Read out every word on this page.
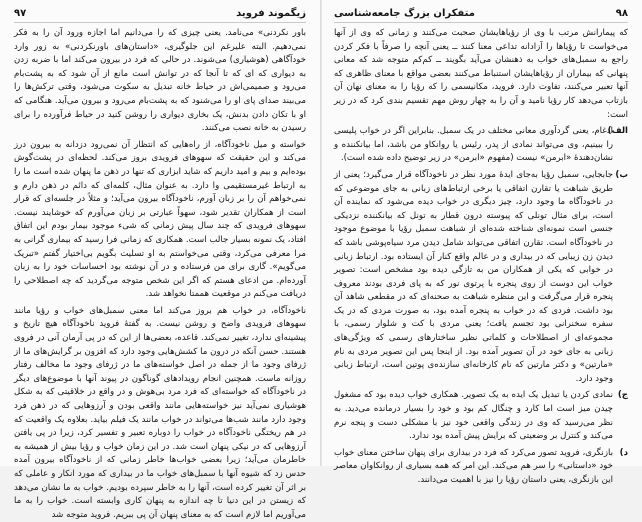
۹۸
متفکران بزرگ جامعه‌شناسی

که پیمارانش مرتب با وی از رؤیاهایشان صحبت می‌کنند و زمانی که وی از آنها می‌خواست تا رؤیاها را آزادانه تداعی معنا کنند ــ یعنی آنچه را صرفاً با فکر کردن راجع به سمبل‌های خواب به ذهنشان می‌آید بگویند ــ کم‌کم متوجه شد که معانی پنهانی که بیماران از رؤیاهایشان استنباط می‌کنند بعضی مواقع با معنای ظاهری که آنها تعبیر می‌کنند، تفاوت دارد. فروید، مکانیسمی را که رؤیا را به معنای نهان آن بازتاب می‌دهد کار رؤیا نامید و آن را به چهار روش مهم تقسیم بندی کرد که در زیر است:

الف)

ادغام، یعنی گردآوری معانی مختلف در یک سمبل. بنابراین اگر در خواب پلیسی را ببینیم، وی می‌تواند نمادی از پدر، رئیس یا روانکاو من باشد، اما بیانکننده و نشان‌دهندهٔ «ابرمن» نیست (مفهوم «ابرمن» در زیر توضیح داده شده است).

ب)

جابجایی، سمبل رؤیا به‌جای ایدهٔ مورد نظر در ناخودآگاه قرار می‌گیرد؛ یعنی از طریق شباهت یا تقارن اتفاقی یا برخی ارتباط‌های زبانی به جای موضوعی که در ناخودآگاه ما وجود دارد، چیز دیگری در خواب دیده می‌شود که نماینده آن است، برای مثال تونلی که پیوسته درون قطار به تونل که بیانکننده نزدیکی جنسی است نمونه‌ای شناخته شده‌ای از شباهت سمبل رؤیا با موضوع موجود در ناخودآگاه است. تقارن اتفاقی می‌تواند شامل دیدن مرد سیاه‌پوشی باشد که دیدن زن زیبایی که در بیداری و در عالم واقع کنار آن ایستاده بود. ارتباط زبانی در خوابی که یکی از همکاران من به تازگی دیده بود مشخص است: تصویر خواب این دوست از روی پنجره با پرتوی نور که به پای فردی بودند معروف پنجره قرار می‌گرفت و این منظره شباهت به صحنه‌ای که در مقطعی شاهد آن بود داشت. فردی که در خواب به پنجره آمده بود، به صورت مردی که در یک سفره سخنرانی بود تجسم یافت؛ یعنی مردی با کت و شلوار رسمی، با مجموعه‌ای از اصطلاحات و کلماتی نظیر ساختارهای رسمی که ویژگی‌های زبانی به جای خود در آن تصویر آمده بود. از اینجا پس این تصویر مردی به نام «مارتین» و دکتر مارتین که نام کارخانه‌ای سازنده‌ی پوتین است، ارتباط زبانی وجود دارد.

ج)

نمادی کردن یا تبدیل یک ایده به یک تصویر. همکاری خواب دیده بود که مشغول چیدن میز است اما کارد و چنگال کم بود و خود را بسیار درمانده می‌دید. به نظر می‌رسید که وی در زندگی واقعی خود نیز با مشکلی دست و پنجه نرم می‌کند و کنترل بر وضعیتی که برایش پیش آمده بود ندارد.

د)

بازنگری، فروید تصور می‌کرد که فرد در بیداری برای پنهان ساختن معنای خواب خود «داستانی» را سر هم می‌کند. این امر که همه بسیاری از روانکاوان معاصر این بازنگری، یعنی داستان رؤیا را نیز با اهمیت می‌دانند.

۹۷	زیگموند فروید

باور نکردنی» می‌نامد. یعنی چیزی که را می‌دانیم اما اجازه ورود آن را به فکر نمی‌دهیم. البته علیرغم این جلوگیری، «داستان‌های باورنکردنی» به زور وارد خودآگاهی (هوشیاری) می‌شوند. در حالی که فرد در بیرون می‌کند اما با ضربه زدن به دیواری که ای که تا آنجا که در توانش است مانع از آن شود که به پشت‌بام می‌رود و صمیمی‌اش در حیاط خانه تبدیل به سکوت می‌شود، وقتی ترکش‌ها را می‌بیند صدای پای او را می‌شنود که به پشت‌بام می‌رود و بیرون می‌آید. هنگامی که او با تکان دادن بدنش، یک بخاری دیواری را روشن کنید در حیاط فرآورده را برای رسیدن به خانه نصب می‌کنند.

خواسته و میل ناخودآگاه، از راه‌هایی که انتظار آن نمی‌رود دزدانه به بیرون درز می‌کند و این حقیقت که سهوهای فرویدی بروز می‌کند. لحظه‌ای در پشت‌گوش بوده‌ایم و بیم و امید داریم که شاید ابزاری که تنها در ذهن ما پنهان شده است ما را به ارتباط غیرمستقیمی وا دارد. به عنوان مثال، کلمه‌ای که دائم در ذهن دارم و نمی‌خواهم آن را بر زبان آورم، ناخودآگاه بیرون می‌آید؛ و مثلاً در جلسه‌ای که قرار است از همکاران تقدیر شود، سهواً عبارتی بر زبان می‌آورم که خوشایند نیست. سهوهای فرویدی که چند سال پیش زمانی که شیء موجود بیمار بودم این اتفاق افتاد، یک نمونه بسیار جالب است. همکاری که زمانی فرا رسید که بیماری گرانی به مرا معرفی می‌کرد، وقتی می‌خواستم به او تسلیت بگویم بی‌اختیار گفتم «تبریک می‌گویم». گاری برای من فرستاده و در آن نوشته بود احساسات خود را به زبان آورده‌ام. من ادعای هستم که اگر این شخص متوجه می‌گردید که چه اصطلاحی را دریافت می‌کنم در موقعیت هممتا نخواهد شد.

ناخودآگاه، در خواب هم بروز می‌کند اما معنی سمبل‌های خواب و رؤیا مانند سهوهای فرویدی واضح و روشن نیست. به گفتهٔ فروید ناخودآگاه هیچ تاریخ و پیشینه‌ای ندارد، تغییر نمی‌کند. قاعده، بعضی‌ها از این که در پی آرمان آنی در فروی هستند. حسن آنکه در درون ما کشش‌هایی وجود دارد که افزون بر گرایش‌های ما از ژرفای وجود ما از جمله در اصل خواسته‌های ما در ژرفای وجود ما مخالف رفتار روزانه ماست. همچنین انجام رویدادهای گوناگون در پیوند آنها با موضوع‌های دیگر در ناخودآگاه که خواسته‌ای که فرد مرد بی‌هوش و در واقع در خلاقیتی که به شکل هوشیاری نمی‌آید نیز خواسته‌هایی مانند واقعی بودن و آرزوهایی که در ذهن فرد وجود دارد مانند شب‌ها می‌تواند در خواب مانند یک فیلم بیاید. بعلاوه یک واقعیت که در هم ریختگی ناخودآگاه در خواب را دوباره تعبیر و تفسیر کرد، زیرا در پی یافتن آرزوهایی که در نیکی پنهان است شد. در این زمان خواب و رؤیا بیش از همیشه به خاطرمان می‌آید؛ زیرا بعضی خواب‌ها خاطر زمانی که از ناخودآگاه بیرون آمده حدس زد که شیوه آنها با سمبل‌های خواب ما در بیداری که مورد انکار و عاملی که بر اثر آن تغییر کرده است، آنها را به خاطر سپرده بودیم. خواب به ما نشان می‌دهد که زیستن در این دنیا تا چه اندازه به پنهان کاری وابسته است. خواب را به ما می‌آوریم اما لازم است که به معنای پنهان آن پی ببریم. فروید متوجه شد
